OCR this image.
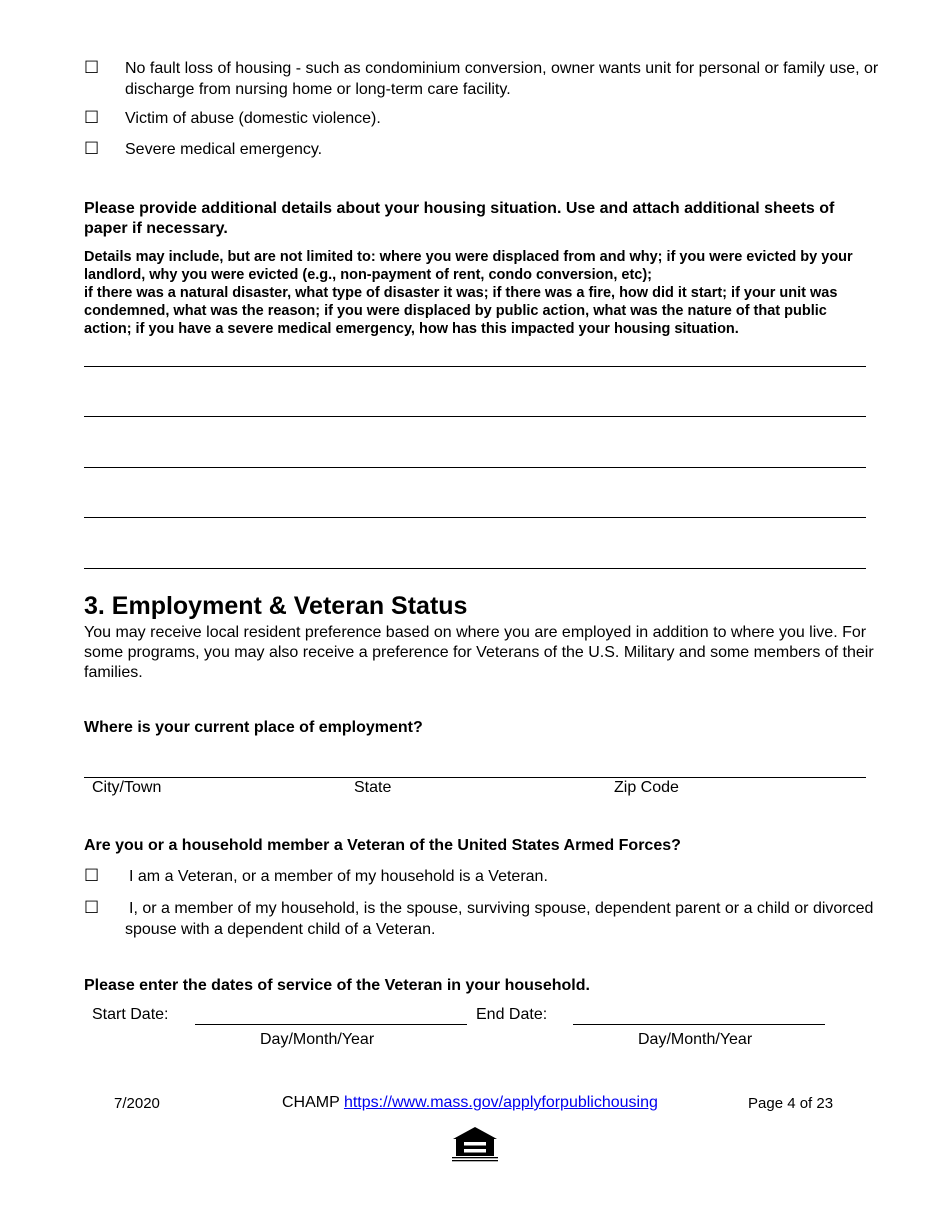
☐ No fault loss of housing - such as condominium conversion, owner wants unit for personal or family use, or discharge from nursing home or long-term care facility.
☐ Victim of abuse (domestic violence).
☐ Severe medical emergency.
Please provide additional details about your housing situation. Use and attach additional sheets of paper if necessary.
Details may include, but are not limited to: where you were displaced from and why; if you were evicted by your landlord, why you were evicted (e.g., non-payment of rent, condo conversion, etc);
if there was a natural disaster, what type of disaster it was; if there was a fire, how did it start; if your unit was condemned, what was the reason; if you were displaced by public action, what was the nature of that public action; if you have a severe medical emergency, how has this impacted your housing situation.
3. Employment & Veteran Status
You may receive local resident preference based on where you are employed in addition to where you live. For some programs, you may also receive a preference for Veterans of the U.S. Military and some members of their families.
Where is your current place of employment?
City/Town	State	Zip Code
Are you or a household member a Veteran of the United States Armed Forces?
☐ I am a Veteran, or a member of my household is a Veteran.
☐ I, or a member of my household, is the spouse, surviving spouse, dependent parent or a child or divorced spouse with a dependent child of a Veteran.
Please enter the dates of service of the Veteran in your household.
Start Date:	End Date:
Day/Month/Year	Day/Month/Year
7/2020	CHAMP https://www.mass.gov/applyforpublichousing	Page 4 of 23
